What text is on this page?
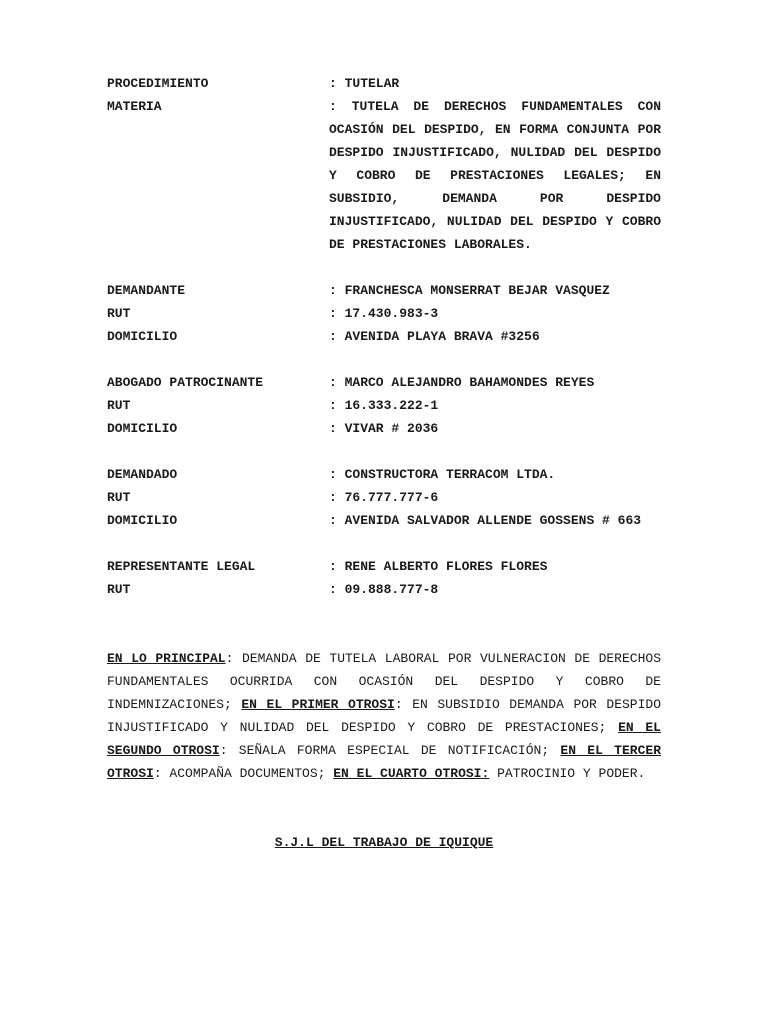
PROCEDIMIENTO	: TUTELAR
MATERIA	: TUTELA DE DERECHOS FUNDAMENTALES CON OCASIÓN DEL DESPIDO, EN FORMA CONJUNTA POR DESPIDO INJUSTIFICADO, NULIDAD DEL DESPIDO Y COBRO DE PRESTACIONES LEGALES; EN SUBSIDIO, DEMANDA POR DESPIDO INJUSTIFICADO, NULIDAD DEL DESPIDO Y COBRO DE PRESTACIONES LABORALES.
DEMANDANTE	: FRANCHESCA MONSERRAT BEJAR VASQUEZ
RUT	: 17.430.983-3
DOMICILIO	: AVENIDA PLAYA BRAVA #3256
ABOGADO PATROCINANTE	: MARCO ALEJANDRO BAHAMONDES REYES
RUT	: 16.333.222-1
DOMICILIO	: VIVAR # 2036
DEMANDADO	: CONSTRUCTORA TERRACOM LTDA.
RUT	: 76.777.777-6
DOMICILIO	: AVENIDA SALVADOR ALLENDE GOSSENS # 663
REPRESENTANTE LEGAL	: RENE ALBERTO FLORES FLORES
RUT	: 09.888.777-8
EN LO PRINCIPAL: DEMANDA DE TUTELA LABORAL POR VULNERACION DE DERECHOS FUNDAMENTALES OCURRIDA CON OCASIÓN DEL DESPIDO Y COBRO DE INDEMNIZACIONES; EN EL PRIMER OTROSI: EN SUBSIDIO DEMANDA POR DESPIDO INJUSTIFICADO Y NULIDAD DEL DESPIDO Y COBRO DE PRESTACIONES; EN EL SEGUNDO OTROSI: SEÑALA FORMA ESPECIAL DE NOTIFICACIÓN; EN EL TERCER OTROSI: ACOMPAÑA DOCUMENTOS; EN EL CUARTO OTROSI: PATROCINIO Y PODER.
S.J.L DEL TRABAJO DE IQUIQUE
